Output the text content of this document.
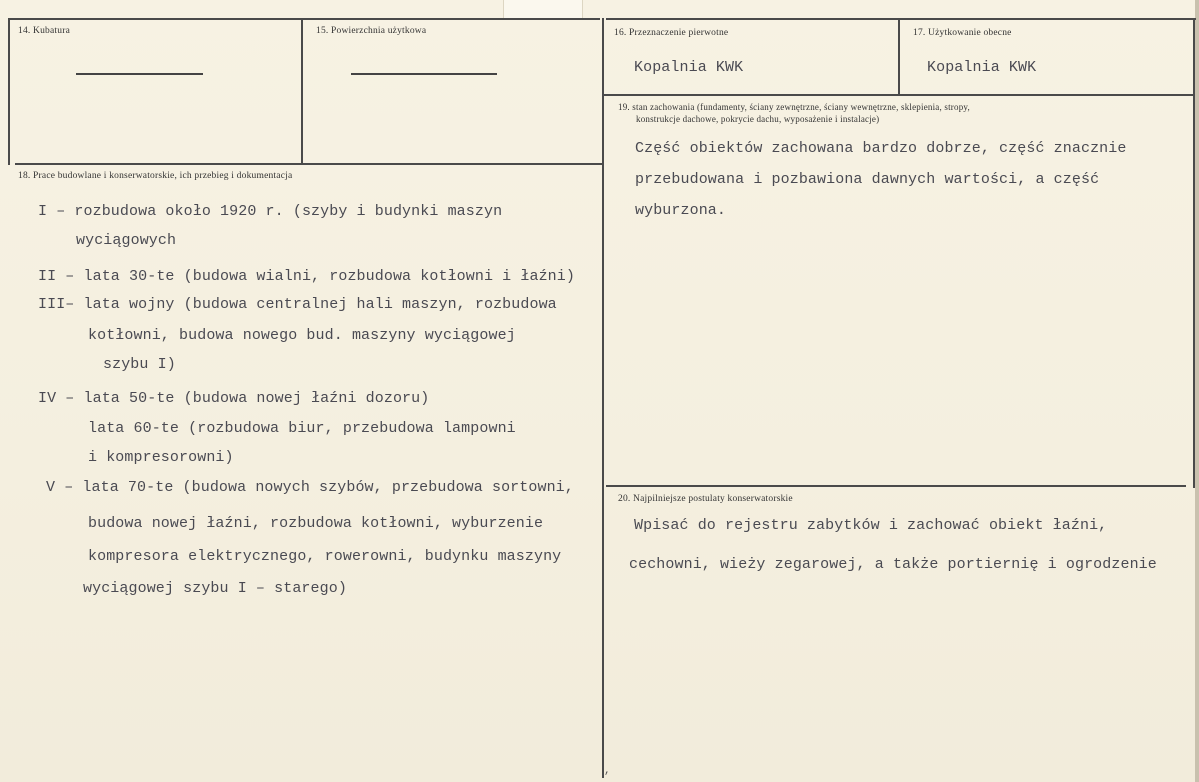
14. Kubatura	15. Powierzchnia użytkowa	16. Przeznaczenie pierwotne
Kopalnia KWK
17. Użytkowanie obecne
Kopalnia KWK
19. stan zachowania (fundamenty, ściany zewnętrzne, ściany wewnętrzne, sklepienia, stropy,
konstrukcje dachowe, pokrycie dachu, wyposażenie i instalacje)
Część obiektów zachowana bardzo dobrze, część znacznie
przebudowana i pozbawiona dawnych wartości, a część
wyburzona.
18. Prace budowlane i konserwatorskie, ich przebieg i dokumentacja
I – rozbudowa około 1920 r. (szyby i budynki maszyn
wyciągowych
II – lata 30-te (budowa wialni, rozbudowa kotłowni i łaźni)
III– lata wojny (budowa centralnej hali maszyn, rozbudowa
kotłowni, budowa nowego bud. maszyny wyciągowej
szybu I)
IV – lata 50-te (budowa nowej łaźni dozoru)
lata 60-te (rozbudowa biur, przebudowa lampowni
i kompresorowni)
V – lata 70-te (budowa nowych szybów, przebudowa sortowni,
budowa nowej łaźni, rozbudowa kotłowni, wyburzenie
kompresora elektrycznego, rowerowni, budynku maszyny
wyciągowej szybu I – starego)
20. Najpilniejsze postulaty konserwatorskie
Wpisać do rejestru zabytków i zachować obiekt łaźni,
cechowni, wieży zegarowej, a także portiernię i ogrodzenie
,
